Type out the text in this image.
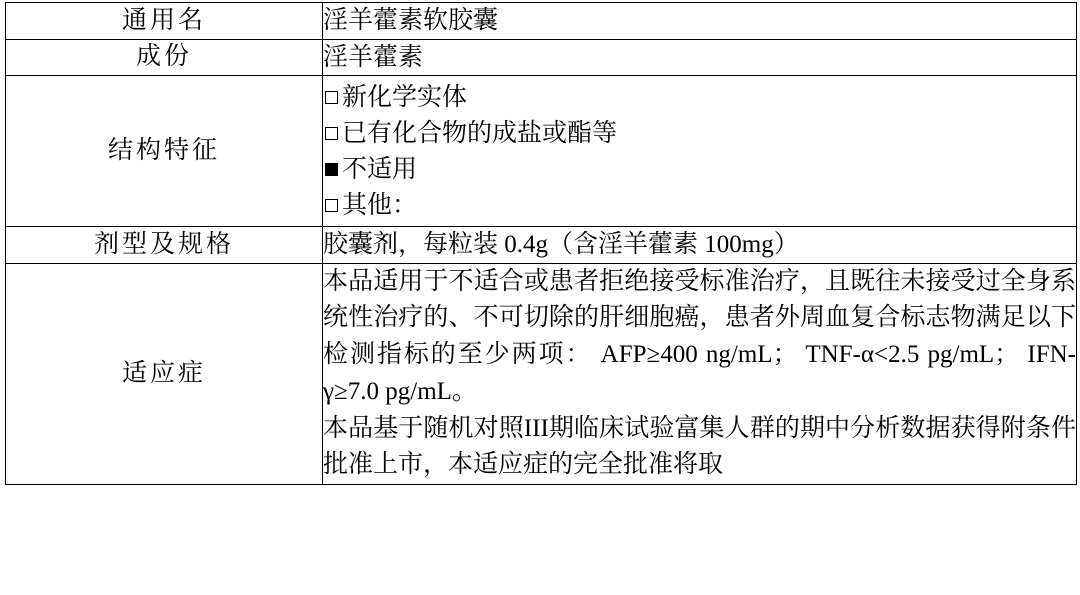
通用名	淫羊藿素软胶囊
成份	淫羊藿素
结构特征	新化学实体
已有化合物的成盐或酯等
不适用
其他：

剂型及规格	胶囊剂，每粒装 0.4g（含淫羊藿素 100mg）
适应症	本品适用于不适合或患者拒绝接受标准治疗，且既往未接受过全身系统性治疗的、不可切除的肝细胞癌，患者外周血复合标志物满足以下检测指标的至少两项： AFP≥400 ng/mL； TNF-α<2.5 pg/mL； IFN-γ≥7.0 pg/mL。

本品基于随机对照III期临床试验富集人群的期中分析数据获得附条件批准上市，本适应症的完全批准将取
